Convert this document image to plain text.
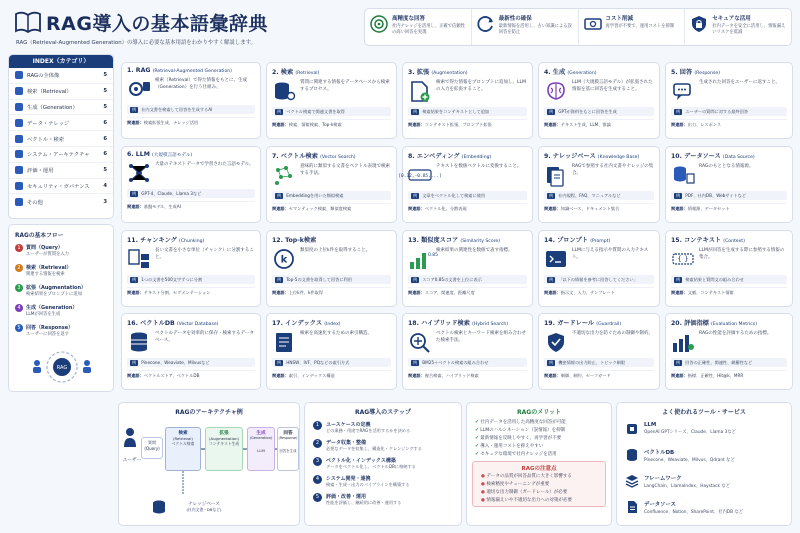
RAG導入の基本語彙辞典
RAG（Retrieval-Augmented Generation）の導入に必要な基本用語をわかりやすく解説します。
高精度な回答

社内ナレッジを活用し、正確で信頼性の高い回答を実現

最新性の確保

最新情報を活用し、古い知識による誤回答を防止

コスト削減

再学習が不要で、運用コストを抑制

セキュアな活用

社内データを安全に活用し、情報漏えいリスクを低減

INDEX（カテゴリ）
RAGの全体像	5
検索（Retrieval）	5
生成（Generation）	5
データ・ナレッジ	6
ベクトル・検索	6
システム・アーキテクチャ	6
評価・運用	5
セキュリティ・ガバナンス	4
その他	3
RAGの基本フロー
1	質問（Query）
ユーザーが質問を入力
2	検索（Retrieval）
関連する情報を検索
3	拡張（Augmentation）
検索結果をプロンプトに追加
4	生成（Generation）
LLMが回答を生成
5	回答（Response）
ユーザーに回答を返す
RAG
1. RAG (Retrieval-Augmented Generation)
検索（Retrieval）で得た情報をもとに、生成（Generation）を行う仕組み。
例	社内文書を検索して回答を生成するAI
関連語：検索拡張生成、ナレッジ活用
2. 検索 (Retrieval)
質問に関連する情報をデータベースから検索するプロセス。
例	ベクトル検索で関連文書を取得
関連語：検索、情報検索、Top-k検索
3. 拡張 (Augmentation)
検索で得た情報をプロンプトに追加し、LLMの入力を拡張すること。
例	検索結果をコンテキストとして追加
関連語：コンテキスト拡張、プロンプト拡張
4. 生成 (Generation)
LLM（大規模言語モデル）が拡張された情報を基に回答を生成すること。
例	GPTが資料をもとに回答を生成
関連語：テキスト生成、LLM、推論
5. 回答 (Response)
生成された回答をユーザーに返すこと。
例	ユーザーの質問に対する最終回答
関連語：出力、レスポンス
6. LLM (大規模言語モデル)
大量のテキストデータで学習された言語モデル。
例	GPT-4、Claude、Llama 3など
関連語：基盤モデル、生成AI
7. ベクトル検索 (Vector Search)
意味的に類似する文書をベクトル表現で検索する手法。
例	Embeddingを用いた類似検索
関連語：セマンティック検索、類似度検索
8. エンベディング (Embedding)
[0.12,-0.85,...]
テキストを数値ベクトルに変換すること。
例	文章をベクトル化して検索に使用
関連語：ベクトル化、分散表現
9. ナレッジベース (Knowledge Base)
RAGで参照する社内文書やナレッジの集合。
例	社内規程、FAQ、マニュアルなど
関連語：知識ベース、ドキュメント集合
10. データソース (Data Source)
RAGのもととなる情報源。
例	PDF、社内DB、Webサイトなど
関連語：情報源、データセット
11. チャンキング (Chunking)
長い文書を小さな単位（チャンク）に分割すること。
例	1つの文書を500文字ずつに分割
関連語：テキスト分割、セグメンテーション
12. Top-k検索
k
類似度の上位k件を取得すること。
例	Top-5の文書を取得して回答に利用
関連語：上位k件、k件取得
13. 類似度スコア (Similarity Score)
0.85
検索結果の関連性を数値で表す指標。
例	スコア0.85の文書を上位に表示
関連語：スコア、関連度、距離尺度
14. プロンプト (Prompt)
LLMに与える指示や質問の入力テキスト。
例	「以下の情報を参考に回答してください」
関連語：指示文、入力、テンプレート
15. コンテキスト (Context)
{ }
LLMが回答を生成する際に参照する情報の集合。
例	検索結果と質問文の組み合わせ
関連語：文脈、コンテキスト情報
16. ベクトルDB (Vector Database)
ベクトルデータを効率的に保存・検索するデータベース。
例	Pinecone、Weaviate、Milvusなど
関連語：ベクトルストア、ベクトルDB
17. インデックス (Index)
検索を高速化するための索引構造。
例	HNSW、IVF、PQなどの索引方式
関連語：索引、インデックス構造
18. ハイブリッド検索 (Hybrid Search)
ベクトル検索とキーワード検索を組み合わせた検索手法。
例	BM25＋ベクトル検索の組み合わせ
関連語：複合検索、ハイブリッド検索
19. ガードレール (Guardrail)
不適切な出力を防ぐための制御や制約。
例	機密情報の出力防止、トピック制限
関連語：制御、制約、セーフガード
20. 評価指標 (Evaluation Metrics)
RAGの性能を評価するための指標。
例	回答の正確性、関連性、網羅性など
関連語：指標、正確性、Hit@k、MRR
RAGのアーキテクチャ例
ユーザー
質問
(Query)
検索
(Retrieval)
ベクトル検索
拡張
(Augmentation)
コンテキスト生成
生成
(Generation)
LLM
回答
(Response)
回答を生成
ナレッジベース
(社内文書・DBなど)
RAG導入のステップ
1	ユースケースの定義
どの業務・用途でRAGを活用するかを決める
2	データ収集・整備
必要なデータを収集し、構造化・クレンジングする
3	ベクトル化・インデックス構築
データをベクトル化し、ベクトルDBに格納する
4	システム開発・連携
検索・生成・出力のパイプラインを構築する
5	評価・改善・運用
性能を評価し、継続的に改善・運用する
RAGのメリット
✔ 社内データを活用した高精度な回答が可能
✔ LLMのハルシネーション（誤情報）を抑制
✔ 最新情報を反映しやすく、再学習が不要
✔ 導入・運用コストを抑えやすい
✔ セキュアな環境で社内ナレッジを活用
RAGの注意点
● データの品質が回答品質に大きく影響する
● 検索精度やチューニングが重要
● 適切な出力制御（ガードレール）が必要
● 情報漏えいや不適切な出力への対策が必要
よく使われるツール・サービス
LLM
OpenAI GPTシリーズ、Claude、Llama 3など
ベクトルDB
Pinecone、Weaviate、Milvus、Qdrant など
フレームワーク
LangChain、LlamaIndex、Haystack など
データソース
Confluence、Notion、SharePoint、社内DB など
